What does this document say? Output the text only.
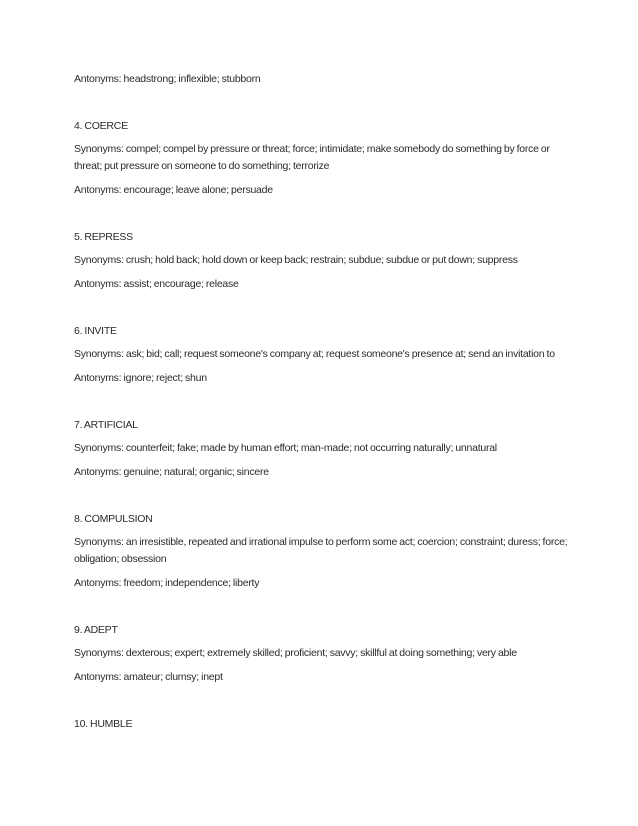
Antonyms: headstrong; inflexible; stubborn

4. COERCE

Synonyms: compel; compel by pressure or threat; force; intimidate; make somebody do something by force or threat; put pressure on someone to do something; terrorize

Antonyms: encourage; leave alone; persuade

5. REPRESS

Synonyms: crush; hold back; hold down or keep back; restrain; subdue; subdue or put down; suppress

Antonyms: assist; encourage; release

6. INVITE

Synonyms: ask; bid; call; request someone's company at; request someone's presence at; send an invitation to

Antonyms: ignore; reject; shun

7. ARTIFICIAL

Synonyms: counterfeit; fake; made by human effort; man-made; not occurring naturally; unnatural

Antonyms: genuine; natural; organic; sincere

8. COMPULSION

Synonyms: an irresistible, repeated and irrational impulse to perform some act; coercion; constraint; duress; force; obligation; obsession

Antonyms: freedom; independence; liberty

9. ADEPT

Synonyms: dexterous; expert; extremely skilled; proficient; savvy; skillful at doing something; very able

Antonyms: amateur; clumsy; inept

10. HUMBLE
